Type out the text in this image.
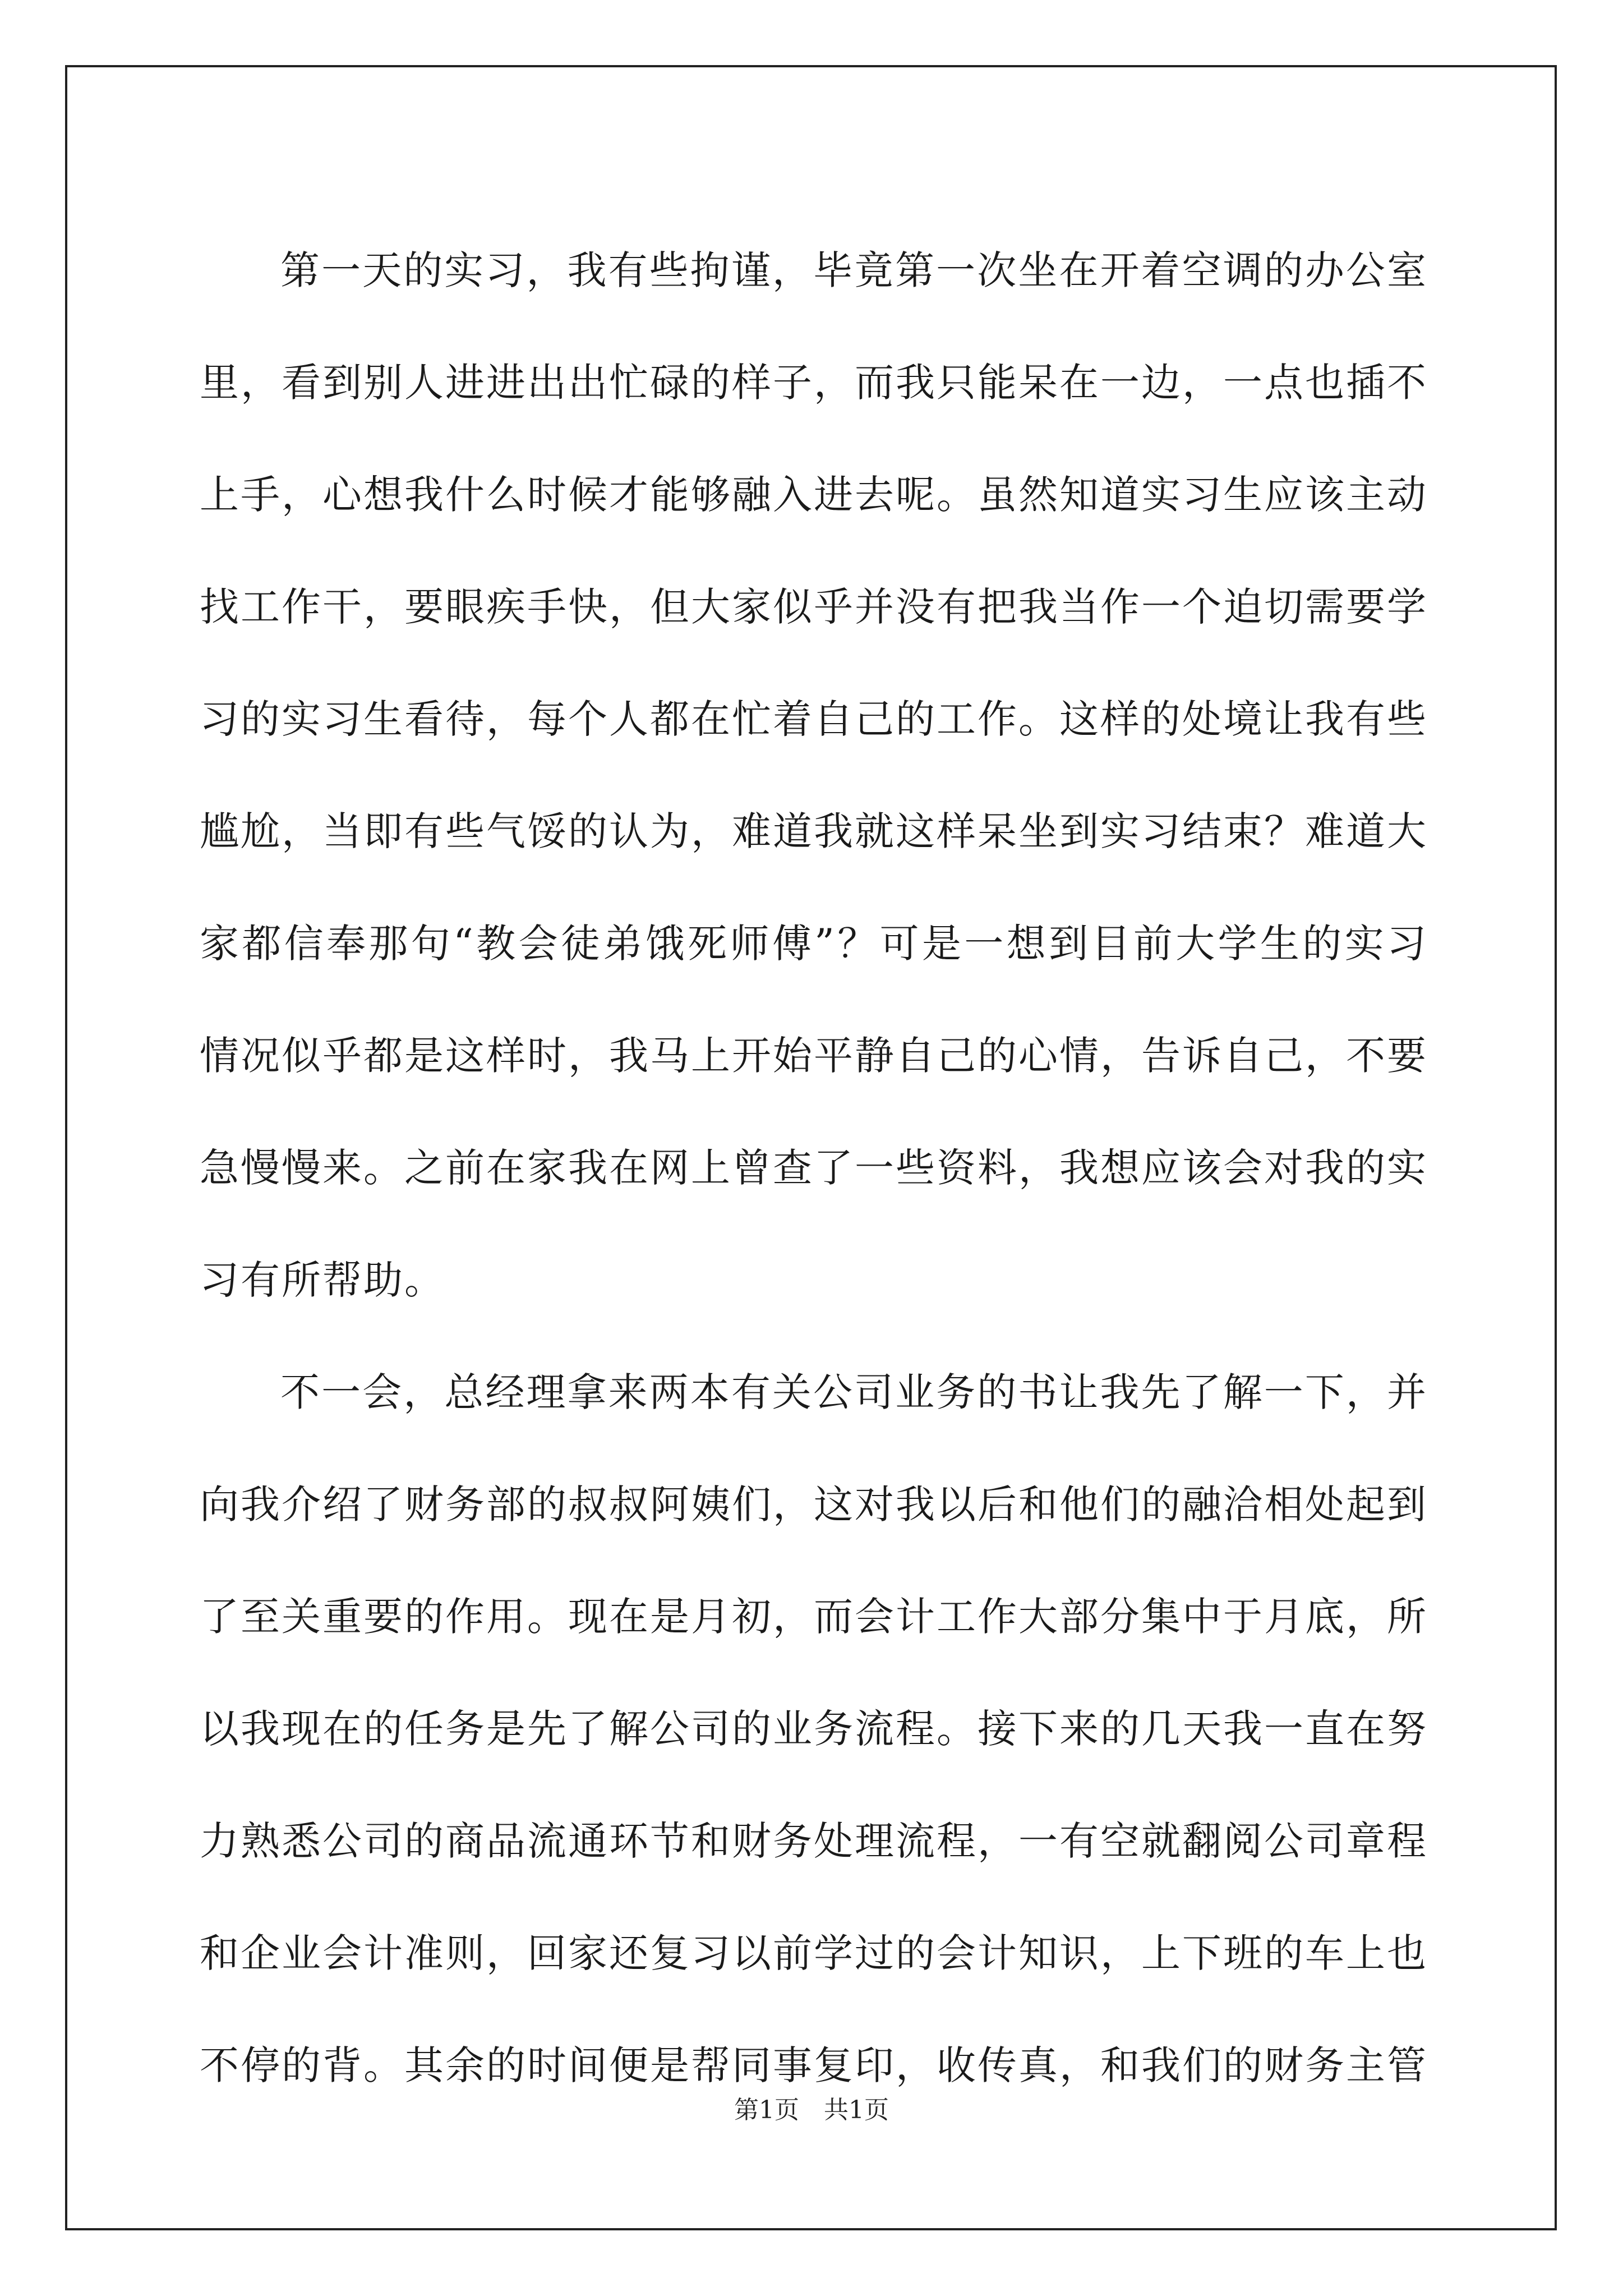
第一天的实习，我有些拘谨，毕竟第一次坐在开着空调的办公室里，看到别人进进出出忙碌的样子，而我只能呆在一边，一点也插不上手，心想我什么时候才能够融入进去呢。虽然知道实习生应该主动找工作干，要眼疾手快，但大家似乎并没有把我当作一个迫切需要学习的实习生看待，每个人都在忙着自己的工作。这样的处境让我有些尴尬，当即有些气馁的认为，难道我就这样呆坐到实习结束？难道大家都信奉那句“教会徒弟饿死师傅”？可是一想到目前大学生的实习情况似乎都是这样时，我马上开始平静自己的心情，告诉自己，不要急慢慢来。之前在家我在网上曾查了一些资料，我想应该会对我的实习有所帮助。

不一会，总经理拿来两本有关公司业务的书让我先了解一下，并向我介绍了财务部的叔叔阿姨们，这对我以后和他们的融洽相处起到了至关重要的作用。现在是月初，而会计工作大部分集中于月底，所以我现在的任务是先了解公司的业务流程。接下来的几天我一直在努力熟悉公司的商品流通环节和财务处理流程，一有空就翻阅公司章程和企业会计准则，回家还复习以前学过的会计知识，上下班的车上也不停的背。其余的时间便是帮同事复印，收传真，和我们的财务主管

第1页　共1页
